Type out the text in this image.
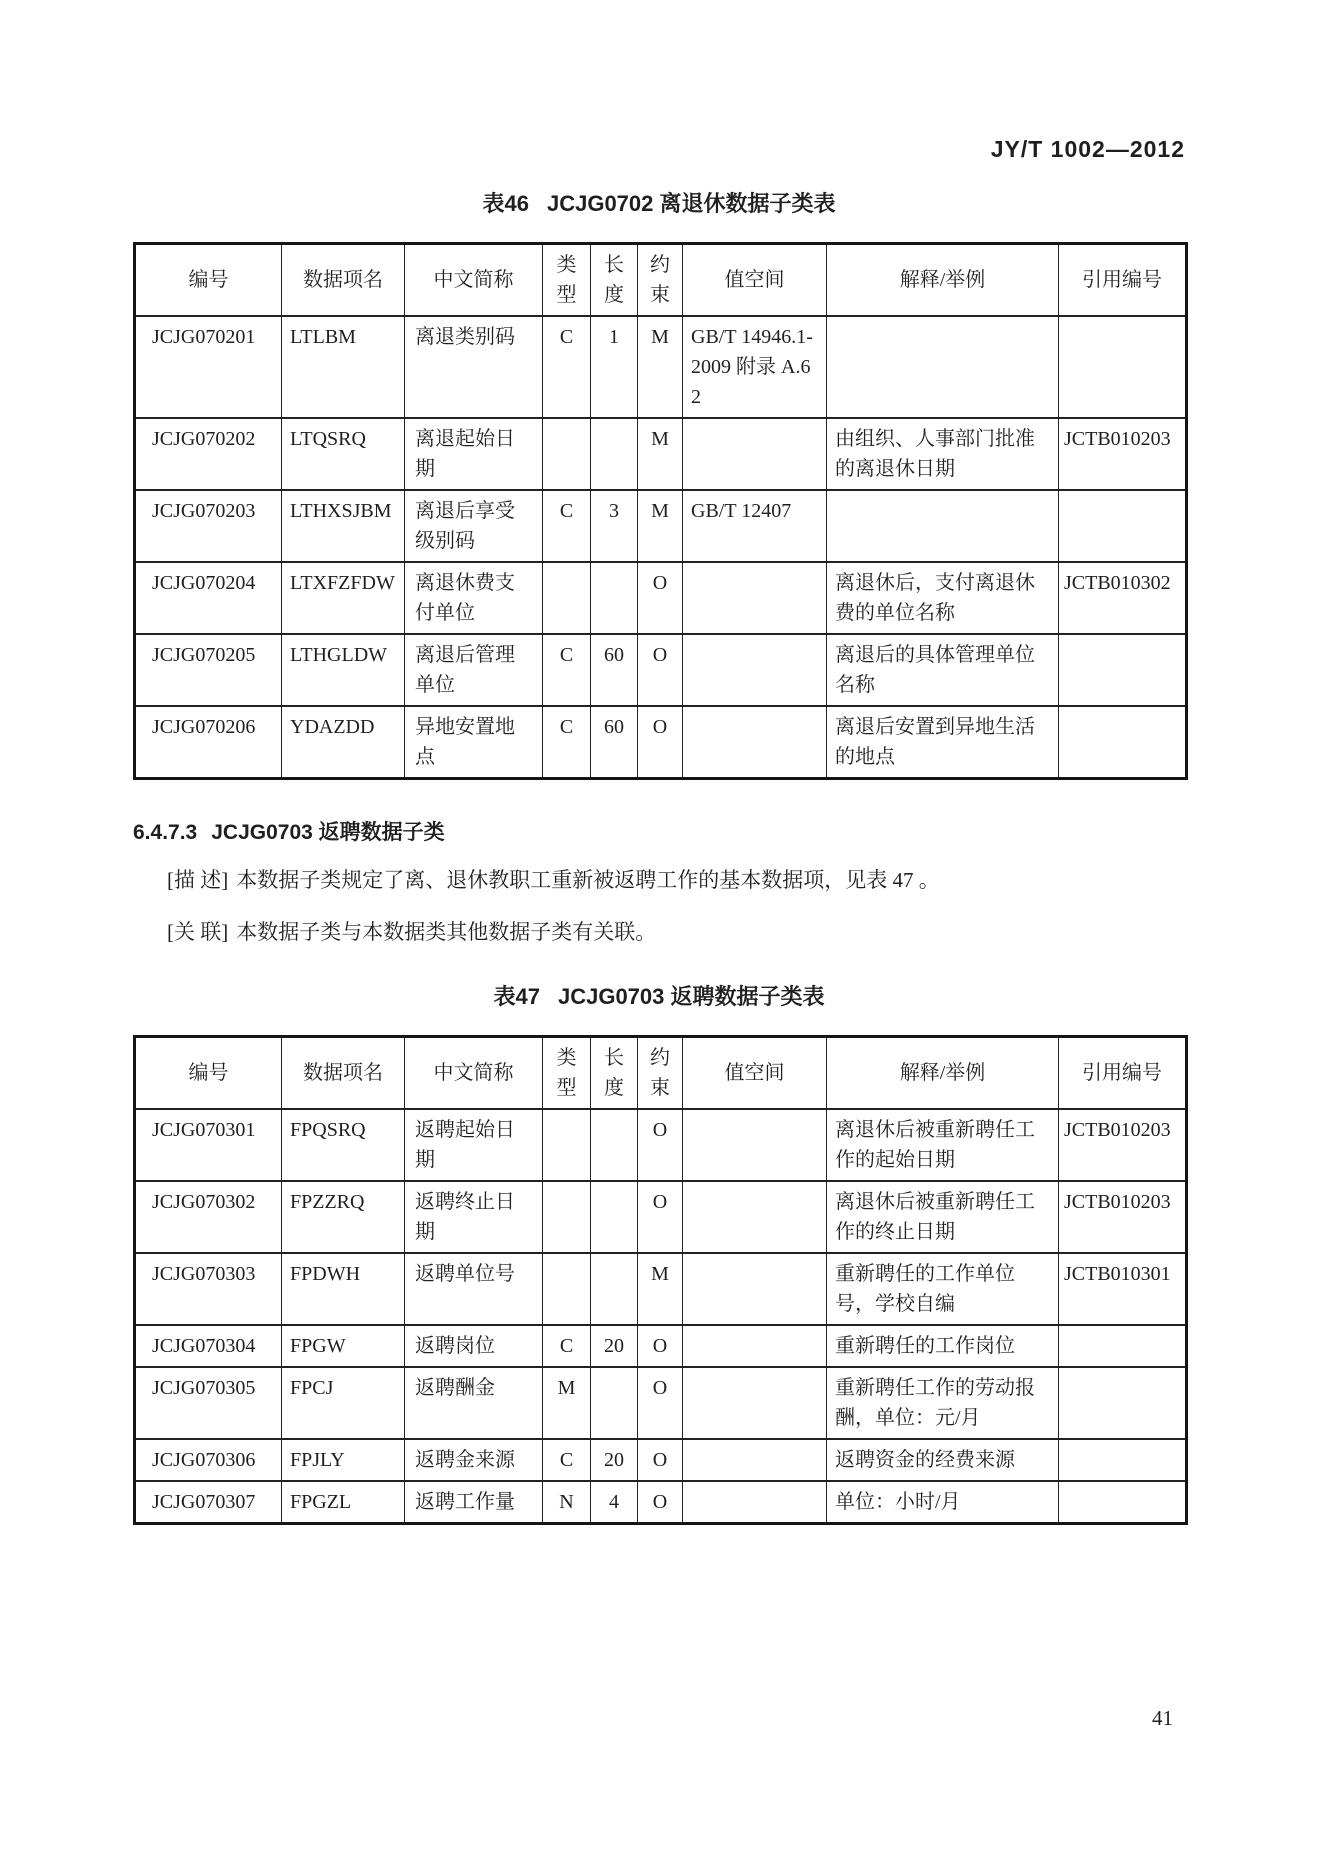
JY/T 1002—2012
表46 JCJG0702 离退休数据子类表
编号	数据项名	中文简称	类型	长度	约束	值空间	解释/举例	引用编号
JCJG070201	LTLBM	离退类别码	C	1	M	GB/T 14946.1-2009 附录 A.62		
JCJG070202	LTQSRQ	离退起始日期			M		由组织、人事部门批准的离退休日期	JCTB010203
JCJG070203	LTHXSJBM	离退后享受级别码	C	3	M	GB/T 12407		
JCJG070204	LTXFZFDW	离退休费支付单位			O		离退休后，支付离退休费的单位名称	JCTB010302
JCJG070205	LTHGLDW	离退后管理单位	C	60	O		离退后的具体管理单位名称	
JCJG070206	YDAZDD	异地安置地点	C	60	O		离退后安置到异地生活的地点	
6.4.7.3 JCJG0703 返聘数据子类

[描 述] 本数据子类规定了离、退休教职工重新被返聘工作的基本数据项，见表 47 。

[关 联] 本数据子类与本数据类其他数据子类有关联。

表47 JCJG0703 返聘数据子类表
编号	数据项名	中文简称	类型	长度	约束	值空间	解释/举例	引用编号
JCJG070301	FPQSRQ	返聘起始日期			O		离退休后被重新聘任工作的起始日期	JCTB010203
JCJG070302	FPZZRQ	返聘终止日期			O		离退休后被重新聘任工作的终止日期	JCTB010203
JCJG070303	FPDWH	返聘单位号			M		重新聘任的工作单位号，学校自编	JCTB010301
JCJG070304	FPGW	返聘岗位	C	20	O		重新聘任的工作岗位	
JCJG070305	FPCJ	返聘酬金	M		O		重新聘任工作的劳动报酬，单位：元/月	
JCJG070306	FPJLY	返聘金来源	C	20	O		返聘资金的经费来源	
JCJG070307	FPGZL	返聘工作量	N	4	O		单位：小时/月	
41
